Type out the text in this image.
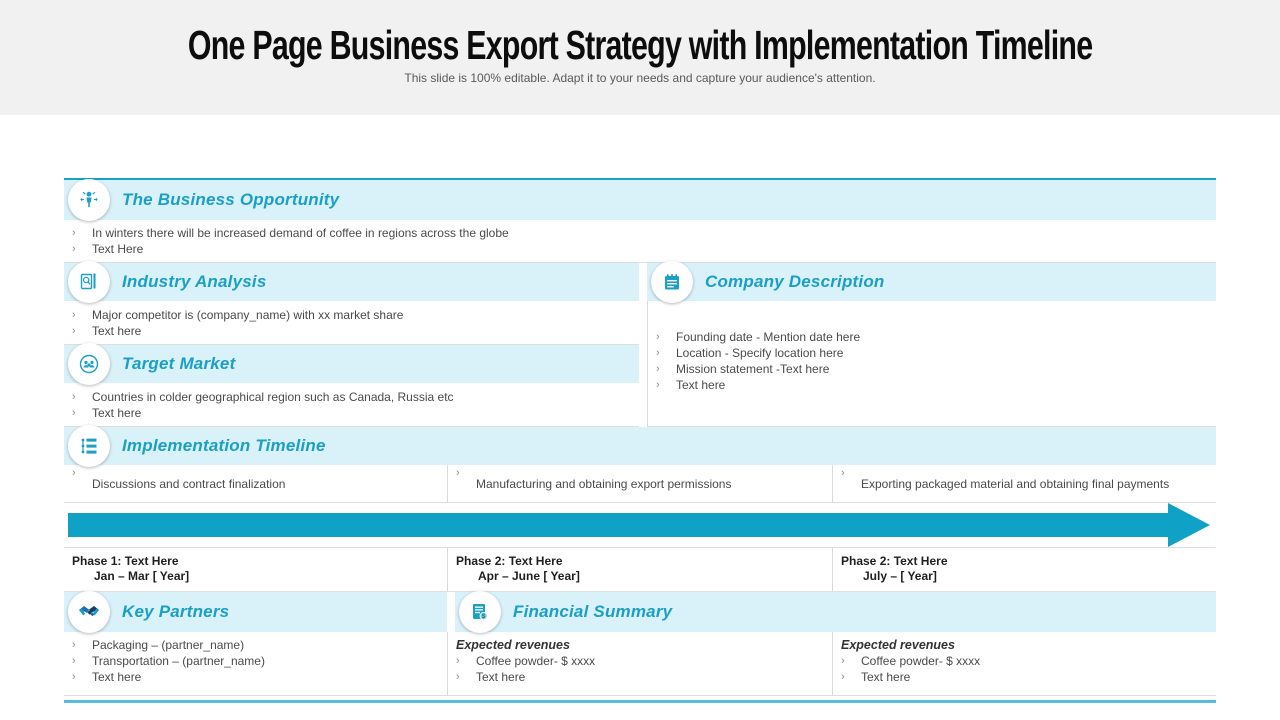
One Page Business Export Strategy with Implementation Timeline
This slide is 100% editable. Adapt it to your needs and capture your audience's attention.
The Business Opportunity
› In winters there will be increased demand of coffee in regions across the globe
› Text Here
Industry Analysis
› Major competitor is (company_name) with xx market share
› Text here
Target Market
› Countries in colder geographical region such as Canada, Russia etc
› Text here
Company Description
› Founding date - Mention date here
› Location - Specify location here
› Mission statement -Text here
› Text here
Implementation Timeline
› Discussions and contract finalization	› Manufacturing and obtaining export permissions	› Exporting packaged material and obtaining final payments
Phase 1: Text Here
Jan – Mar [ Year]
Phase 2: Text Here
Apr – June [ Year]
Phase 2: Text Here
July – [ Year]
Key Partners	$ Financial Summary
› Packaging – (partner_name)
› Transportation – (partner_name)
› Text here
Expected revenues
› Coffee powder- $ xxxx
› Text here
Expected revenues
› Coffee powder- $ xxxx
› Text here
